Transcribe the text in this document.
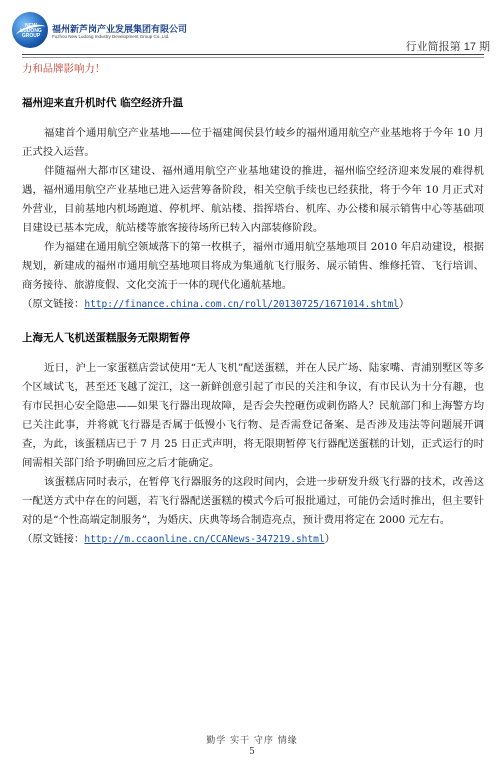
NEW LUDONG GROUP
福州新芦岗产业发展集团有限公司
Fuzhou New Ludong Industry Development Group Co.,Ltd.
行业简报第 17 期

力和品牌影响力！

福州迎来直升机时代 临空经济升温

福建首个通用航空产业基地——位于福建闽侯县竹岐乡的福州通用航空产业基地将于今年 10 月正式投入运营。

伴随福州大都市区建设、福州通用航空产业基地建设的推进，福州临空经济迎来发展的难得机遇，福州通用航空产业基地已进入运营筹备阶段，相关空航手续也已经获批，将于今年 10 月正式对外营业，目前基地内机场跑道、停机坪、航站楼、指挥塔台、机库、办公楼和展示销售中心等基础项目建设已基本完成，航站楼等旅客接待场所已转入内部装修阶段。

作为福建在通用航空领域落下的第一枚棋子，福州市通用航空基地项目 2010 年启动建设，根据规划，新建成的福州市通用航空基地项目将成为集通航飞行服务、展示销售、维修托管、飞行培训、商务接待、旅游度假、文化交流于一体的现代化通航基地。

（原文链接：http://finance.china.com.cn/roll/20130725/1671014.shtml）

上海无人飞机送蛋糕服务无限期暂停

近日，沪上一家蛋糕店尝试使用“无人飞机”配送蛋糕，并在人民广场、陆家嘴、青浦别墅区等多个区域试飞，甚至还飞越了淀江，这一新鲜创意引起了市民的关注和争议，有市民认为十分有趣，也有市民担心安全隐患——如果飞行器出现故障，是否会失控砸伤或刺伤路人？民航部门和上海警方均已关注此事，并将就飞行器是否属于低慢小飞行物、是否需登记备案、是否涉及违法等问题展开调查，为此，该蛋糕店已于 7 月 25 日正式声明，将无限期暂停飞行器配送蛋糕的计划，正式运行的时间需相关部门给予明确回应之后才能确定。

该蛋糕店同时表示，在暂停飞行器服务的这段时间内，会进一步研发升级飞行器的技术，改善这一配送方式中存在的问题，若飞行器配送蛋糕的模式今后可报批通过，可能仍会适时推出，但主要针对的是“个性高端定制服务”，为婚庆、庆典等场合制造亮点，预计费用将定在 2000 元左右。

（原文链接：http://m.ccaonline.cn/CCANews-347219.shtml）

勤学 实干 守序 情缘
5
